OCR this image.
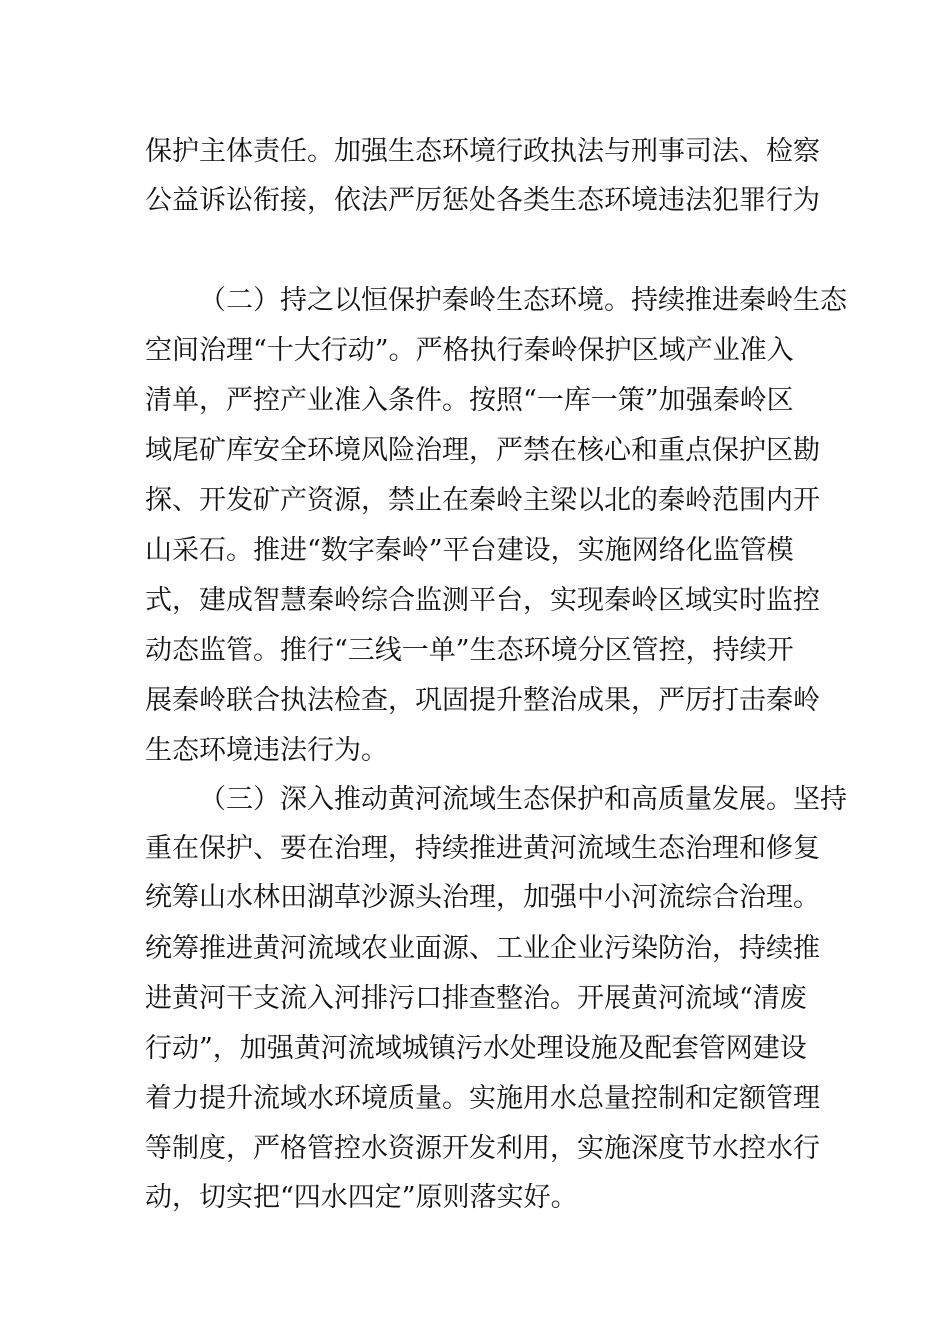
保护主体责任。加强生态环境行政执法与刑事司法、检察
公益诉讼衔接，依法严厉惩处各类生态环境违法犯罪行为
（二）持之以恒保护秦岭生态环境。持续推进秦岭生态
空间治理“十大行动”。严格执行秦岭保护区域产业准入
清单，严控产业准入条件。按照“一库一策”加强秦岭区
域尾矿库安全环境风险治理，严禁在核心和重点保护区勘
探、开发矿产资源，禁止在秦岭主梁以北的秦岭范围内开
山采石。推进“数字秦岭”平台建设，实施网络化监管模
式，建成智慧秦岭综合监测平台，实现秦岭区域实时监控
动态监管。推行“三线一单”生态环境分区管控，持续开
展秦岭联合执法检查，巩固提升整治成果，严厉打击秦岭
生态环境违法行为。
（三）深入推动黄河流域生态保护和高质量发展。坚持
重在保护、要在治理，持续推进黄河流域生态治理和修复
统筹山水林田湖草沙源头治理，加强中小河流综合治理。
统筹推进黄河流域农业面源、工业企业污染防治，持续推
进黄河干支流入河排污口排查整治。开展黄河流域“清废
行动”，加强黄河流域城镇污水处理设施及配套管网建设
着力提升流域水环境质量。实施用水总量控制和定额管理
等制度，严格管控水资源开发利用，实施深度节水控水行
动，切实把“四水四定”原则落实好。
